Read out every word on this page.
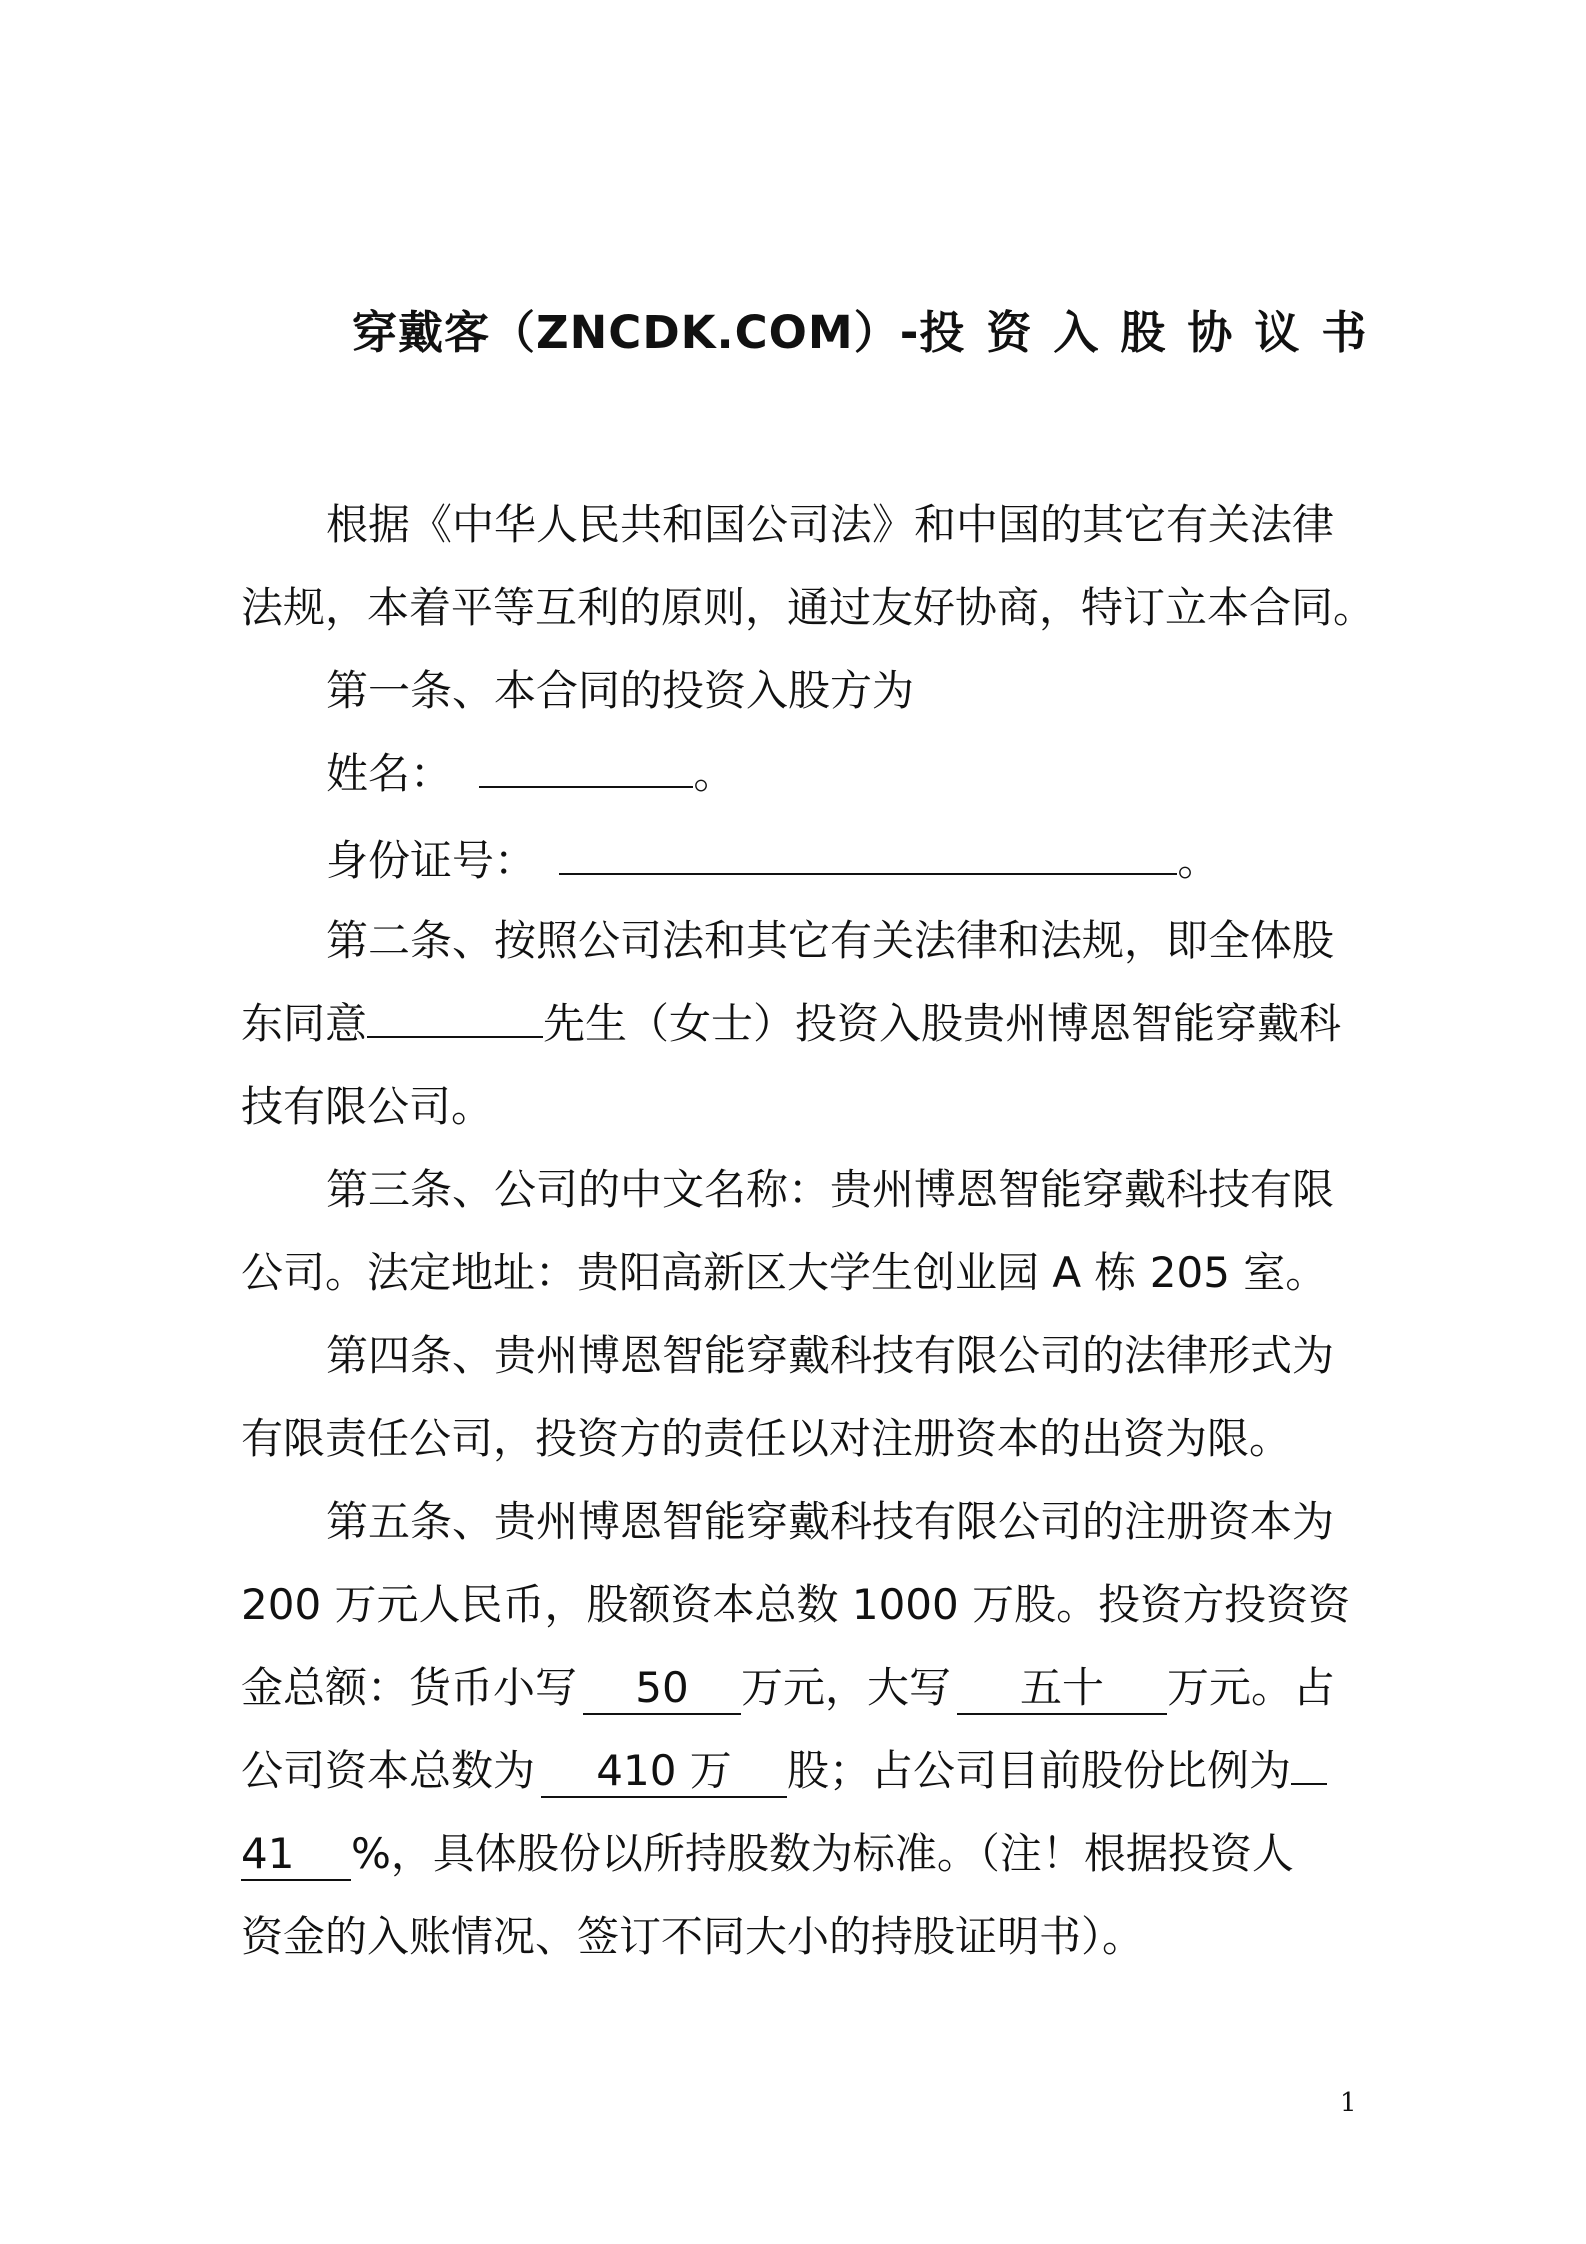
穿戴客（ZNCDK.COM）-投资入股协议书
根据《中华人民共和国公司法》和中国的其它有关法律
法规，本着平等互利的原则，通过友好协商，特订立本合同。
第一条、本合同的投资入股方为
姓名：	。
身份证号：	。
第二条、按照公司法和其它有关法律和法规，即全体股
东同意	先生（女士）投资入股贵州博恩智能穿戴科
技有限公司。
第三条、公司的中文名称：贵州博恩智能穿戴科技有限
公司。法定地址：贵阳高新区大学生创业园 A 栋 205 室。
第四条、贵州博恩智能穿戴科技有限公司的法律形式为
有限责任公司，投资方的责任以对注册资本的出资为限。
第五条、贵州博恩智能穿戴科技有限公司的注册资本为
200 万元人民币，股额资本总数 1000 万股。投资方投资资
金总额：货币小写 50 万元，大写 五十 万元。占
公司资本总数为 410 万 股；占公司目前股份比例为
41 %，具体股份以所持股数为标准。（注！根据投资人
资金的入账情况、签订不同大小的持股证明书）。
1
